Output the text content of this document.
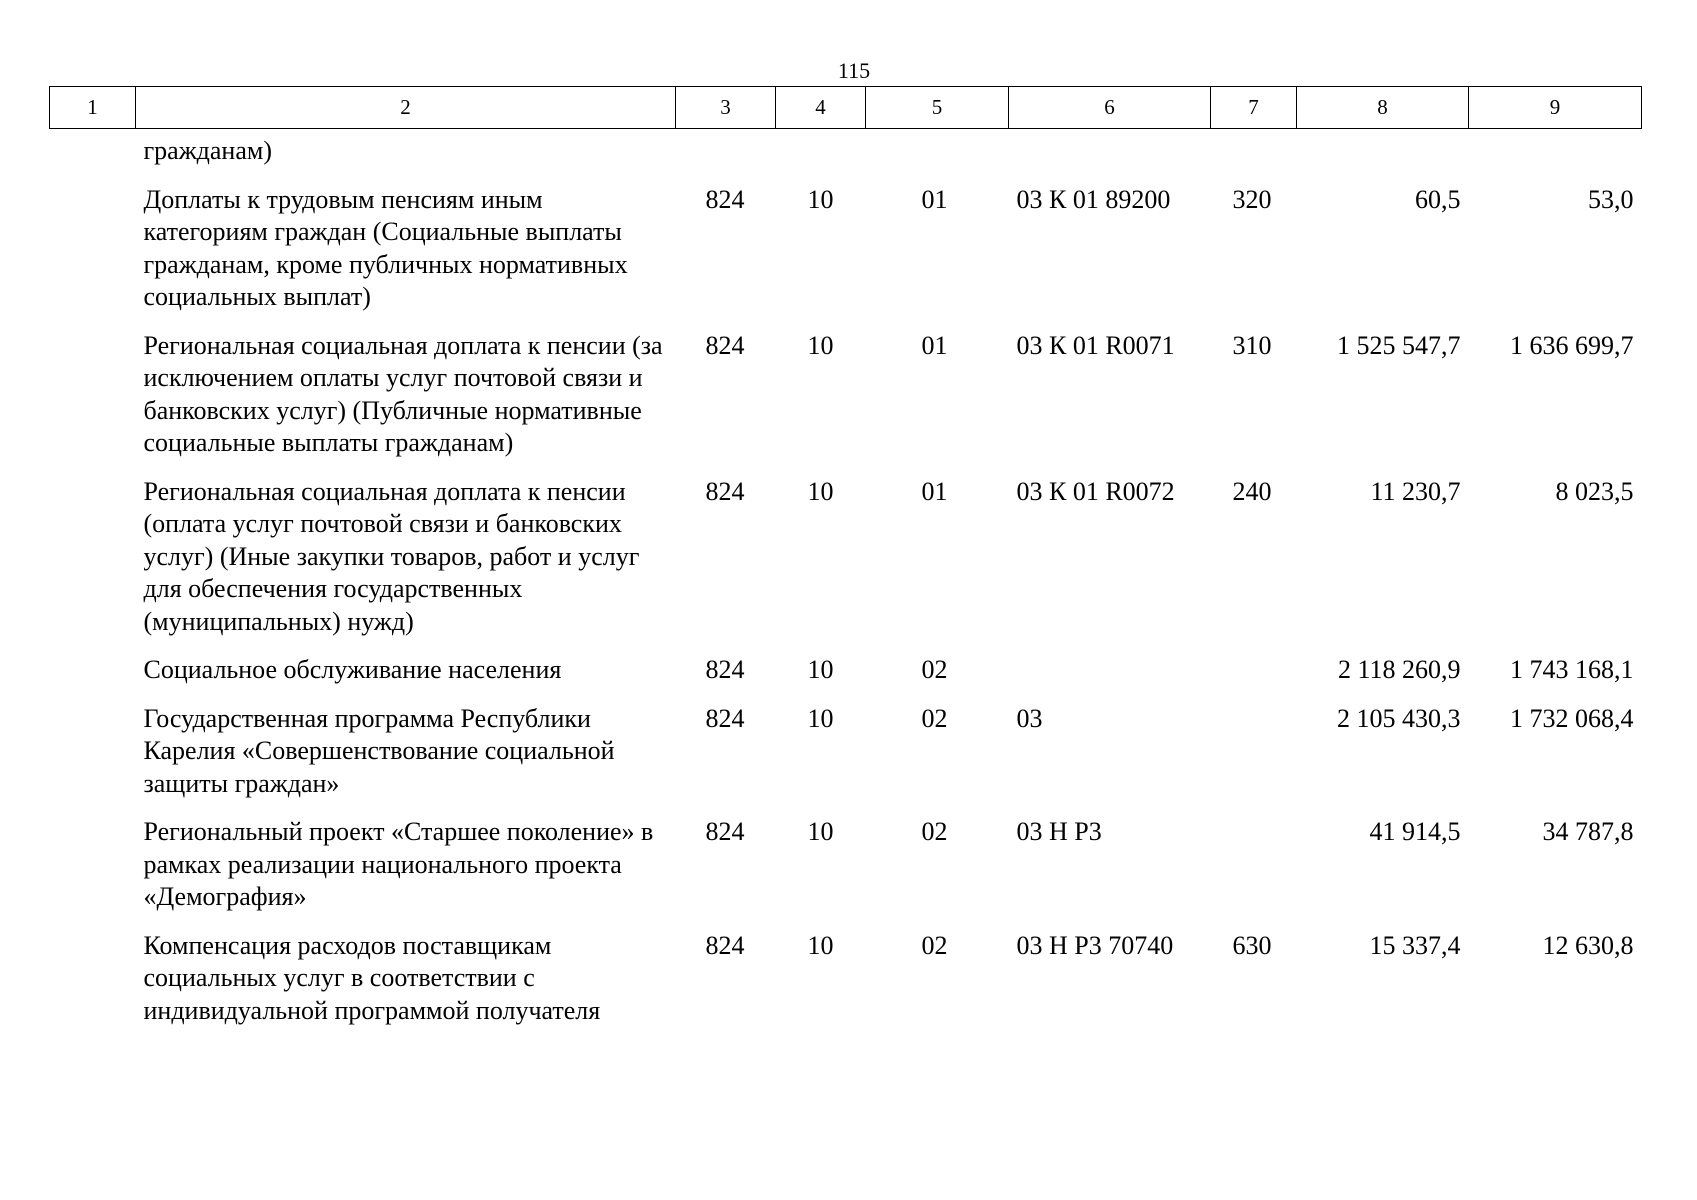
115
1	2	3	4	5	6	7	8	9
	гражданам)							
	Доплаты к трудовым пенсиям иным категориям граждан (Социальные выплаты гражданам, кроме публичных нормативных социальных выплат)	824	10	01	03 К 01 89200	320	60,5	53,0
	Региональная социальная доплата к пенсии (за исключением оплаты услуг почтовой связи и банковских услуг) (Публичные нормативные социальные выплаты гражданам)	824	10	01	03 К 01 R0071	310	1 525 547,7	1 636 699,7
	Региональная социальная доплата к пенсии (оплата услуг почтовой связи и банковских услуг) (Иные закупки товаров, работ и услуг для обеспечения государственных (муниципальных) нужд)	824	10	01	03 К 01 R0072	240	11 230,7	8 023,5
	Социальное обслуживание населения	824	10	02			2 118 260,9	1 743 168,1
	Государственная программа Республики Карелия «Совершенствование социальной защиты граждан»	824	10	02	03		2 105 430,3	1 732 068,4
	Региональный проект «Старшее поколение» в рамках реализации национального проекта «Демография»	824	10	02	03 Н Р3		41 914,5	34 787,8
	Компенсация расходов поставщикам социальных услуг в соответствии с индивидуальной программой получателя	824	10	02	03 Н Р3 70740	630	15 337,4	12 630,8
